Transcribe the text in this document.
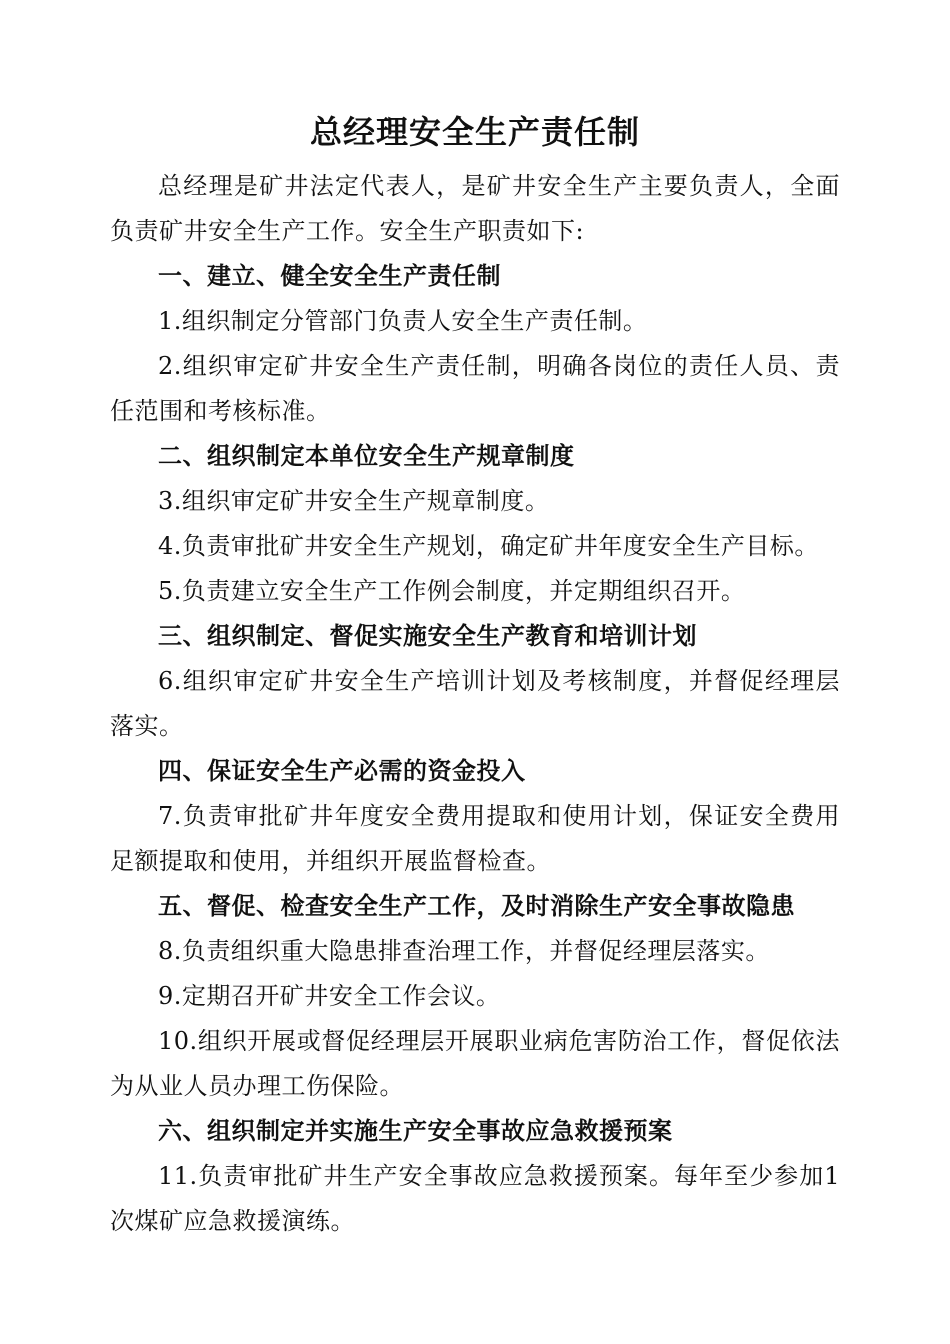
总经理安全生产责任制

总经理是矿井法定代表人，是矿井安全生产主要负责人，全面负责矿井安全生产工作。安全生产职责如下:

一、建立、健全安全生产责任制

1.组织制定分管部门负责人安全生产责任制。

2.组织审定矿井安全生产责任制，明确各岗位的责任人员、责任范围和考核标准。

二、组织制定本单位安全生产规章制度

3.组织审定矿井安全生产规章制度。

4.负责审批矿井安全生产规划，确定矿井年度安全生产目标。

5.负责建立安全生产工作例会制度，并定期组织召开。

三、组织制定、督促实施安全生产教育和培训计划

6.组织审定矿井安全生产培训计划及考核制度，并督促经理层落实。

四、保证安全生产必需的资金投入

7.负责审批矿井年度安全费用提取和使用计划，保证安全费用足额提取和使用，并组织开展监督检查。

五、督促、检查安全生产工作，及时消除生产安全事故隐患

8.负责组织重大隐患排查治理工作，并督促经理层落实。

9.定期召开矿井安全工作会议。

10.组织开展或督促经理层开展职业病危害防治工作，督促依法为从业人员办理工伤保险。

六、组织制定并实施生产安全事故应急救援预案

11.负责审批矿井生产安全事故应急救援预案。每年至少参加1次煤矿应急救援演练。
